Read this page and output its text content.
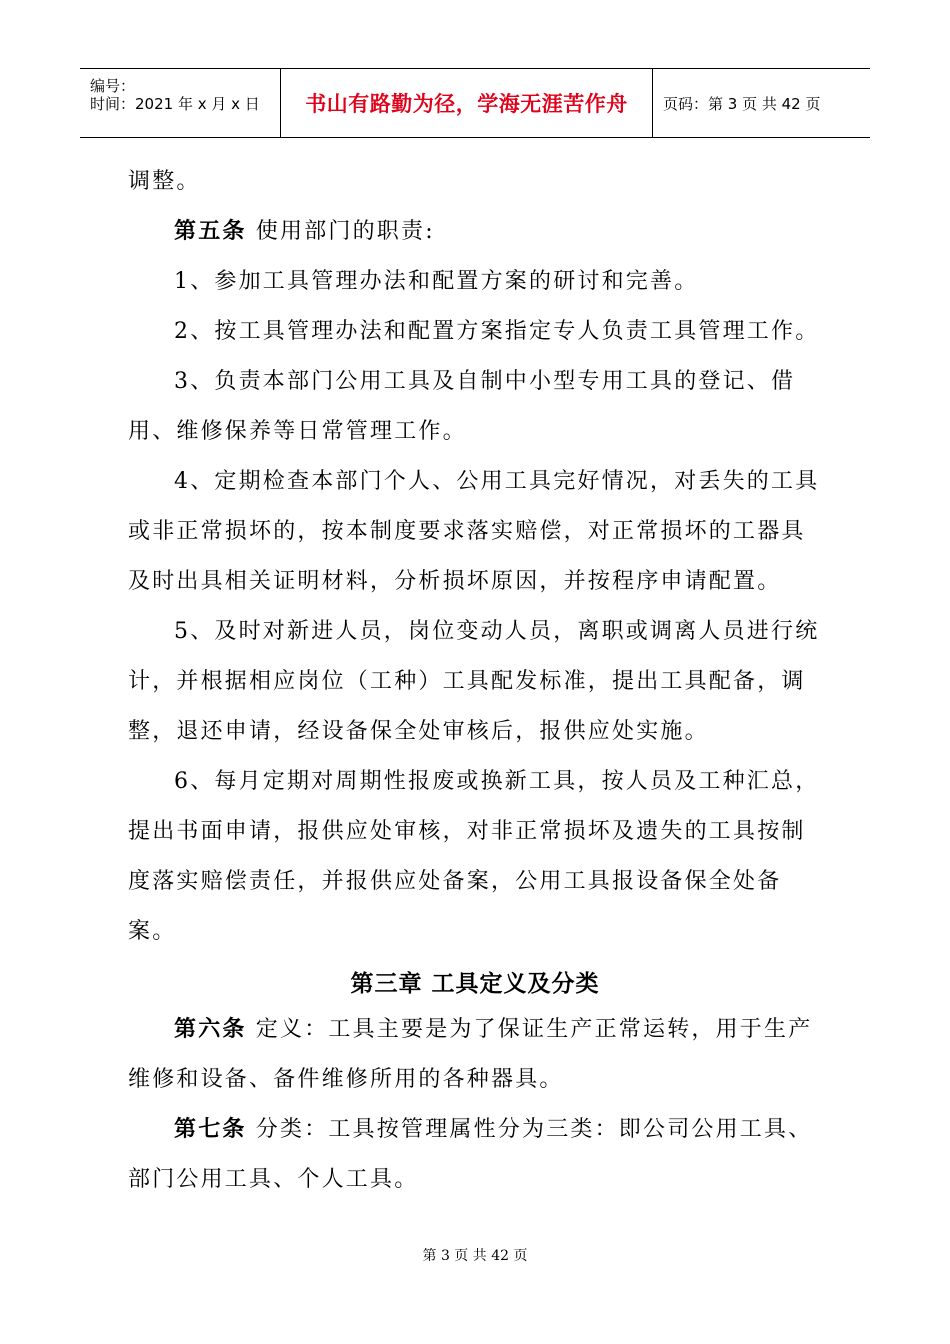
编号：
时间：2021 年 x 月 x 日 书山有路勤为径，学海无涯苦作舟 页码：第 3 页 共 42 页

调整。

第五条 使用部门的职责:

1、参加工具管理办法和配置方案的研讨和完善。

2、按工具管理办法和配置方案指定专人负责工具管理工作。

3、负责本部门公用工具及自制中小型专用工具的登记、借用、维修保养等日常管理工作。

4、定期检查本部门个人、公用工具完好情况，对丢失的工具或非正常损坏的，按本制度要求落实赔偿，对正常损坏的工器具及时出具相关证明材料，分析损坏原因，并按程序申请配置。

5、及时对新进人员，岗位变动人员，离职或调离人员进行统计，并根据相应岗位（工种）工具配发标准，提出工具配备，调整，退还申请，经设备保全处审核后，报供应处实施。

6、每月定期对周期性报废或换新工具，按人员及工种汇总，提出书面申请，报供应处审核，对非正常损坏及遗失的工具按制度落实赔偿责任，并报供应处备案，公用工具报设备保全处备案。

第三章 工具定义及分类

第六条 定义：工具主要是为了保证生产正常运转，用于生产维修和设备、备件维修所用的各种器具。

第七条 分类：工具按管理属性分为三类：即公司公用工具、部门公用工具、个人工具。

第 3 页 共 42 页
